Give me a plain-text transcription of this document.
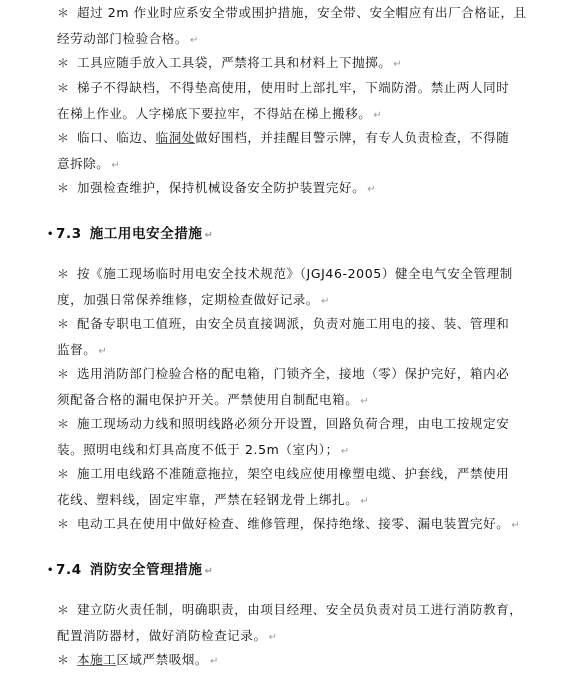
＊ 超过 2m 作业时应系安全带或围护措施，安全带、安全帽应有出厂合格证，且
经劳动部门检验合格。 ↵
＊ 工具应随手放入工具袋，严禁将工具和材料上下抛掷。 ↵
＊ 梯子不得缺档，不得垫高使用，使用时上部扎牢，下端防滑。禁止两人同时
在梯上作业。人字梯底下要拉牢，不得站在梯上搬移。 ↵
＊ 临口、临边、临洞处做好围档，并挂醒目警示牌，有专人负责检查，不得随
意拆除。 ↵
＊ 加强检查维护，保持机械设备安全防护装置完好。 ↵
• 7.3 施工用电安全措施 ↵
＊ 按《施工现场临时用电安全技术规范》（JGJ46-2005）健全电气安全管理制
度，加强日常保养维修，定期检查做好记录。 ↵
＊ 配备专职电工值班，由安全员直接调派，负责对施工用电的接、装、管理和
监督。 ↵
＊ 选用消防部门检验合格的配电箱，门锁齐全，接地（零）保护完好，箱内必
须配备合格的漏电保护开关。严禁使用自制配电箱。 ↵
＊ 施工现场动力线和照明线路必须分开设置，回路负荷合理，由电工按规定安
装。照明电线和灯具高度不低于 2.5m（室内）； ↵
＊ 施工用电线路不准随意拖拉，架空电线应使用橡塑电缆、护套线，严禁使用
花线、塑料线，固定牢靠，严禁在轻钢龙骨上绑扎。 ↵
＊ 电动工具在使用中做好检查、维修管理，保持绝缘、接零、漏电装置完好。 ↵
• 7.4 消防安全管理措施 ↵
＊ 建立防火责任制，明确职责，由项目经理、安全员负责对员工进行消防教育，
配置消防器材，做好消防检查记录。 ↵
＊ 本施工区域严禁吸烟。 ↵
